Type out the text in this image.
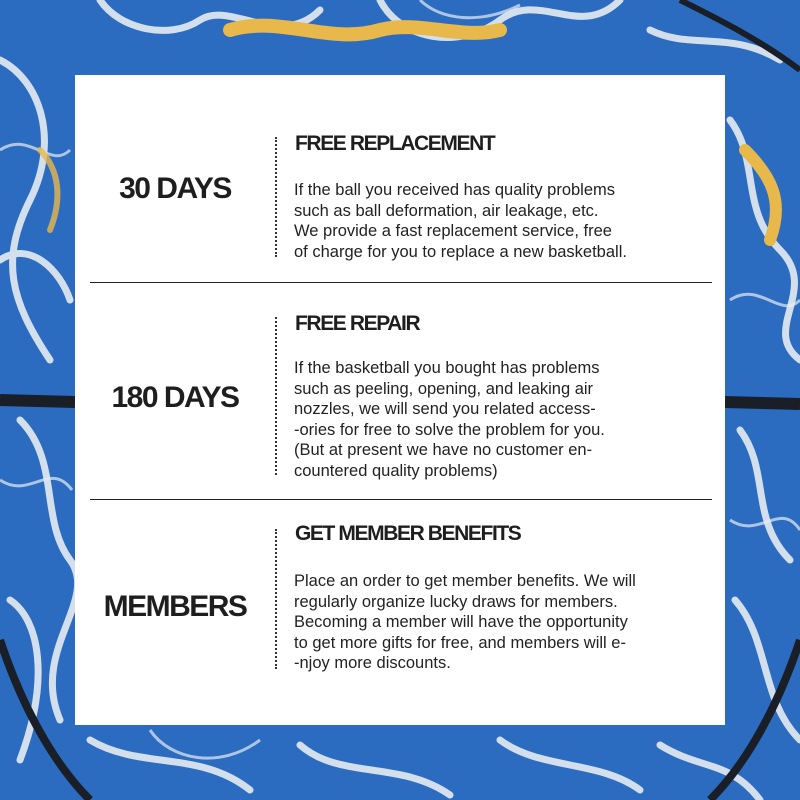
30 DAYS
FREE REPLACEMENT
If the ball you received has quality problems
such as ball deformation, air leakage, etc.
We provide a fast replacement service, free
of charge for you to replace a new basketball.
180 DAYS
FREE REPAIR
If the basketball you bought has problems
such as peeling, opening, and leaking air
nozzles, we will send you related access-
-ories for free to solve the problem for you.
(But at present we have no customer en-
countered quality problems)
MEMBERS
GET MEMBER BENEFITS
Place an order to get member benefits. We will
regularly organize lucky draws for members.
Becoming a member will have the opportunity
to get more gifts for free, and members will e-
-njoy more discounts.
